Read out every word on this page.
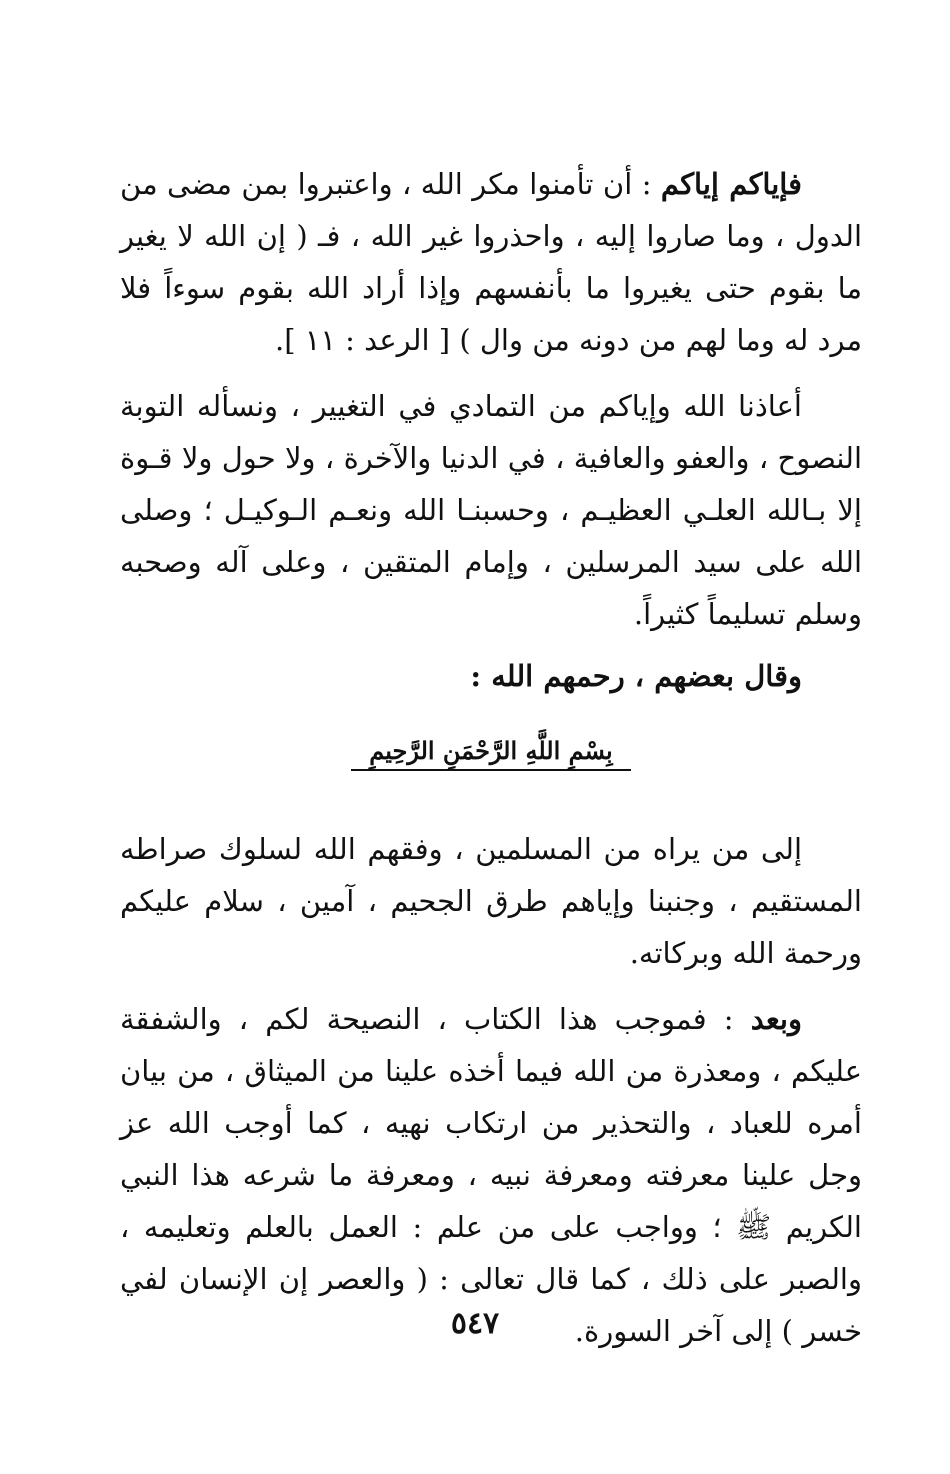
فإياكم إياكم : أن تأمنوا مكر الله ، واعتبروا بمن مضى من الدول ، وما صاروا إليه ، واحذروا غير الله ، فـ ( إن الله لا يغير ما بقوم حتى يغيروا ما بأنفسهم وإذا أراد الله بقوم سوءاً فلا مرد له وما لهم من دونه من وال ) [ الرعد : ١١ ].

أعاذنا الله وإياكم من التمادي في التغيير ، ونسأله التوبة النصوح ، والعفو والعافية ، في الدنيا والآخرة ، ولا حول ولا قـوة إلا بـالله العلـي العظيـم ، وحسبنـا الله ونعـم الـوكيـل ؛ وصلى الله على سيد المرسلين ، وإمام المتقين ، وعلى آله وصحبه وسلم تسليماً كثيراً.

وقال بعضهم ، رحمهم الله :

بِسْمِ اللَّهِ الرَّحْمَنِ الرَّحِيمِ

إلى من يراه من المسلمين ، وفقهم الله لسلوك صراطه المستقيم ، وجنبنا وإياهم طرق الجحيم ، آمين ، سلام عليكم ورحمة الله وبركاته.

وبعد : فموجب هذا الكتاب ، النصيحة لكم ، والشفقة عليكم ، ومعذرة من الله فيما أخذه علينا من الميثاق ، من بيان أمره للعباد ، والتحذير من ارتكاب نهيه ، كما أوجب الله عز وجل علينا معرفته ومعرفة نبيه ، ومعرفة ما شرعه هذا النبي الكريم ﷺ ؛ وواجب على من علم : العمل بالعلم وتعليمه ، والصبر على ذلك ، كما قال تعالى : ( والعصر إن الإنسان لفي خسر ) إلى آخر السورة.

٥٤٧
